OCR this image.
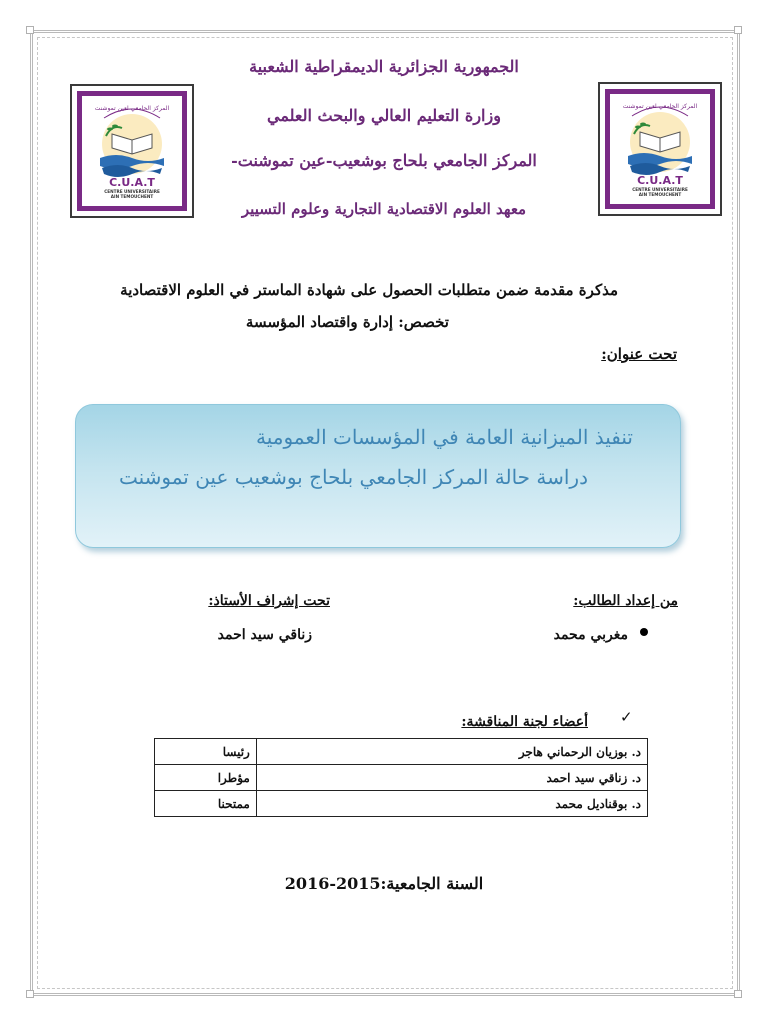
الجمهورية الجزائرية الديمقراطية الشعبية
وزارة التعليم العالي والبحث العلمي
المركز الجامعي بلحاج بوشعيب-عين تموشنت-
معهد العلوم الاقتصادية التجارية وعلوم التسيير
المركز الجامعي لعين تموشنت
C.U.A.T
CENTRE UNIVERSITAIRE
AIN TEMOUCHENT
المركز الجامعي لعين تموشنت
C.U.A.T
CENTRE UNIVERSITAIRE
AIN TEMOUCHENT
مذكرة مقدمة ضمن متطلبات الحصول على شهادة الماستر في العلوم الاقتصادية
تخصص: إدارة واقتصاد المؤسسة
تحت عنوان:
تنفيذ الميزانية العامة في المؤسسات العمومية
دراسة حالة المركز الجامعي بلحاج بوشعيب عين تموشنت
من إعداد الطالب:
تحت إشراف الأستاذ:
مغربي محمد
زناقي سيد احمد
✓
أعضاء لجنة المناقشة:
د. بوزيان الرحماني هاجر	رئيسا
د. زناقي سيد احمد	مؤطرا
د. بوقناديل محمد	ممتحنا
السنة الجامعية:2015-2016
